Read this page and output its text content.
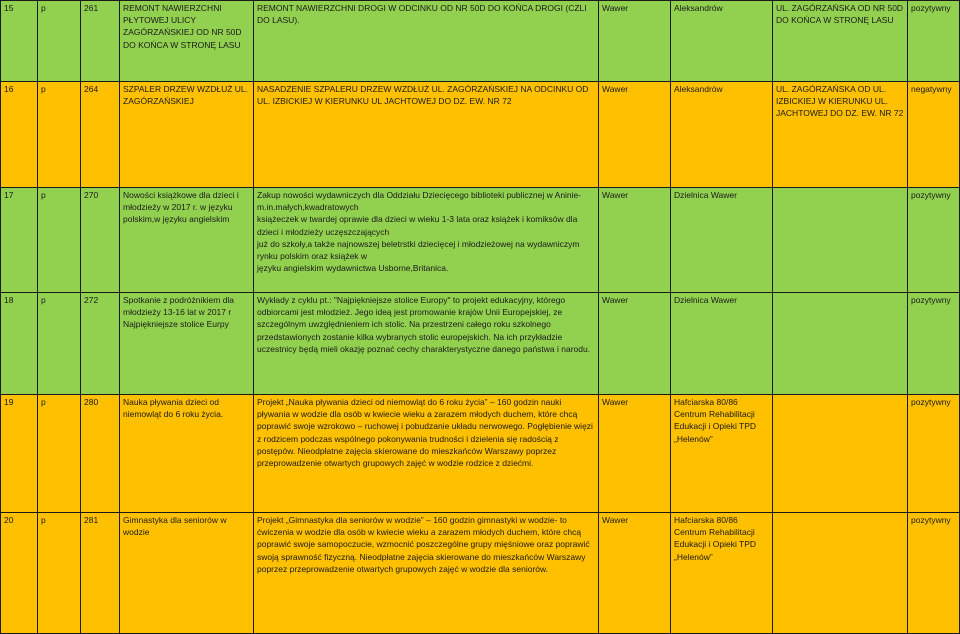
15	p	261	REMONT NAWIERZCHNI PŁYTOWEJ ULICY ZAGÓRZAŃSKIEJ OD NR 50D DO KOŃCA W STRONĘ LASU	REMONT NAWIERZCHNI DROGI W ODCINKU OD NR 50D DO KOŃCA DROGI (CZLI DO LASU).	Wawer	Aleksandrów	UL. ZAGÓRZAŃSKA OD NR 50D DO KOŃCA W STRONĘ LASU	pozytywny
16	p	264	SZPALER DRZEW WZDŁUŻ UL. ZAGÓRZAŃSKIEJ	NASADZENIE SZPALERU DRZEW WZDŁUŻ UL. ZAGÓRZAŃSKIEJ NA ODCINKU OD UL. IZBICKIEJ W KIERUNKU UL JACHTOWEJ DO DZ. EW. NR 72	Wawer	Aleksandrów	UL. ZAGÓRZAŃSKA OD UL. IZBICKIEJ W KIERUNKU UL. JACHTOWEJ DO DZ. EW. NR 72	negatywny
17	p	270	Nowości książkowe dla dzieci i młodzieży w 2017 r. w języku polskim,w języku angielskim	Zakup nowości wydawniczych dla Oddziału Dziecięcego biblioteki publicznej w Aninie-
m.in.małych,kwadratowych
książeczek w twardej oprawie dla dzieci w wieku 1-3 lata oraz książek i komiksów dla dzieci i młodzieży uczęszczających
już do szkoły,a także najnowszej beletrstki dziecięcej i młodzieżowej na wydawniczym rynku polskim oraz książek w
języku angielskim wydawnictwa Usborne,Britanica.	Wawer	Dzielnica Wawer		pozytywny
18	p	272	Spotkanie z podróżnikiem dla młodzieży 13-16 lat w 2017 r Najpiękniejsze stolice Eurpy	Wykłady z cyklu pt.: "Najpiękniejsze stolice Europy" to projekt edukacyjny, którego odbiorcami jest młodzież. Jego ideą jest promowanie krajów Unii Europejskiej, ze szczególnym uwzględnieniem ich stolic. Na przestrzeni całego roku szkolnego przedstawionych zostanie kilka wybranych stolic europejskich. Na ich przykładzie uczestnicy będą mieli okazję poznać cechy charakterystyczne danego państwa i narodu.	Wawer	Dzielnica Wawer		pozytywny
19	p	280	Nauka pływania dzieci od niemowląt do 6 roku życia.	Projekt „Nauka pływania dzieci od niemowląt do 6 roku życia” – 160 godzin nauki pływania w wodzie dla osób w kwiecie wieku a zarazem młodych duchem, które chcą poprawić swoje wzrokowo – ruchowej i pobudzanie układu nerwowego. Pogłębienie więzi z rodzicem podczas wspólnego pokonywania trudności i dzielenia się radością z postępów. Nieodpłatne zajęcia skierowane do mieszkańców Warszawy poprzez przeprowadzenie otwartych grupowych zajęć w wodzie rodzice z dziećmi.	Wawer	Hafciarska 80/86 Centrum Rehabilitacji Edukacji i Opieki TPD „Helenów”		pozytywny
20	p	281	Gimnastyka dla seniorów w wodzie	Projekt „Gimnastyka dla seniorów w wodzie” – 160 godzin gimnastyki w wodzie- to ćwiczenia w wodzie dla osób w kwiecie wieku a zarazem młodych duchem, które chcą poprawić swoje samopoczucie, wzmocnić poszczególne grupy mięśniowe oraz poprawić swoją sprawność fizyczną. Nieodpłatne zajęcia skierowane do mieszkańców Warszawy poprzez przeprowadzenie otwartych grupowych zajęć w wodzie dla seniorów.	Wawer	Hafciarska 80/86 Centrum Rehabilitacji Edukacji i Opieki TPD „Helenów”		pozytywny
